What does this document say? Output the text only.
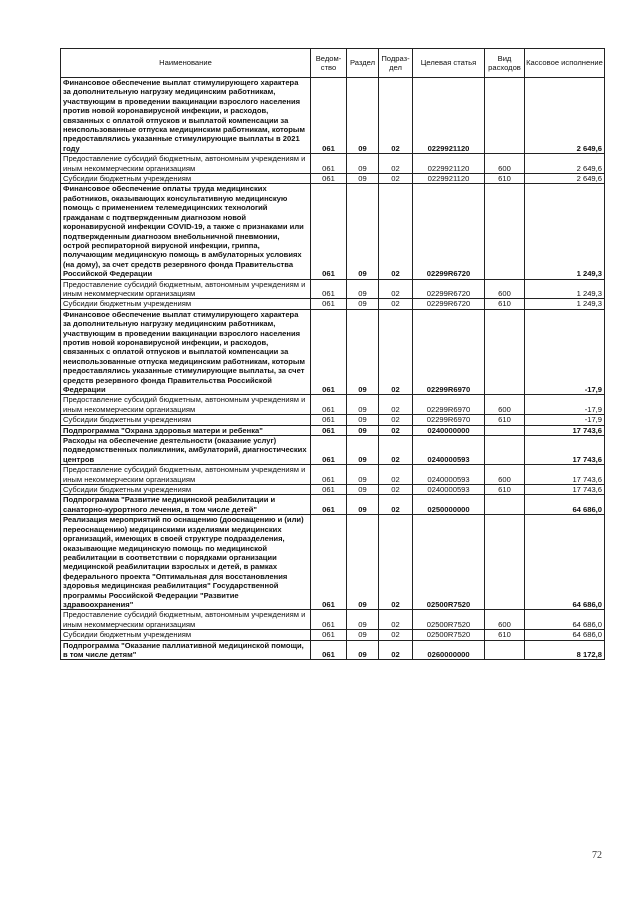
Наименование	Ведом-ство	Раздел	Подраз-дел	Целевая статья	Вид расходов	Кассовое исполнение
Финансовое обеспечение выплат стимулирующего характера за дополнительную нагрузку медицинским работникам, участвующим в проведении вакцинации взрослого населения против новой коронавирусной инфекции, и расходов, связанных с оплатой отпусков и выплатой компенсации за неиспользованные отпуска медицинским работникам, которым предоставлялись указанные стимулирующие выплаты в 2021 году	061	09	02	0229921120		2 649,6
Предоставление субсидий бюджетным, автономным учреждениям и иным некоммерческим организациям	061	09	02	0229921120	600	2 649,6
Субсидии бюджетным учреждениям	061	09	02	0229921120	610	2 649,6
Финансовое обеспечение оплаты труда медицинских работников, оказывающих консультативную медицинскую помощь с применением телемедицинских технологий гражданам с подтвержденным диагнозом новой коронавирусной инфекции COVID-19, а также с признаками или подтвержденным диагнозом внебольничной пневмонии, острой респираторной вирусной инфекции, гриппа, получающим медицинскую помощь в амбулаторных условиях (на дому), за счет средств резервного фонда Правительства Российской Федерации	061	09	02	02299R6720		1 249,3
Предоставление субсидий бюджетным, автономным учреждениям и иным некоммерческим организациям	061	09	02	02299R6720	600	1 249,3
Субсидии бюджетным учреждениям	061	09	02	02299R6720	610	1 249,3
Финансовое обеспечение выплат стимулирующего характера за дополнительную нагрузку медицинским работникам, участвующим в проведении вакцинации взрослого населения против новой коронавирусной инфекции, и расходов, связанных с оплатой отпусков и выплатой компенсации за неиспользованные отпуска медицинским работникам, которым предоставлялись указанные стимулирующие выплаты, за счет средств резервного фонда Правительства Российской Федерации	061	09	02	02299R6970		-17,9
Предоставление субсидий бюджетным, автономным учреждениям и иным некоммерческим организациям	061	09	02	02299R6970	600	-17,9
Субсидии бюджетным учреждениям	061	09	02	02299R6970	610	-17,9
Подпрограмма "Охрана здоровья матери и ребенка"	061	09	02	0240000000		17 743,6
Расходы на обеспечение деятельности (оказание услуг) подведомственных поликлиник, амбулаторий, диагностических центров	061	09	02	0240000593		17 743,6
Предоставление субсидий бюджетным, автономным учреждениям и иным некоммерческим организациям	061	09	02	0240000593	600	17 743,6
Субсидии бюджетным учреждениям	061	09	02	0240000593	610	17 743,6
Подпрограмма "Развитие медицинской реабилитации и санаторно-курортного лечения, в том числе детей"	061	09	02	0250000000		64 686,0
Реализация мероприятий по оснащению (дооснащению и (или) переоснащению) медицинскими изделиями медицинских организаций, имеющих в своей структуре подразделения, оказывающие медицинскую помощь по медицинской реабилитации в соответствии с порядками организации медицинской реабилитации взрослых и детей, в рамках федерального проекта "Оптимальная для восстановления здоровья медицинская реабилитация" Государственной программы Российской Федерации "Развитие здравоохранения"	061	09	02	02500R7520		64 686,0
Предоставление субсидий бюджетным, автономным учреждениям и иным некоммерческим организациям	061	09	02	02500R7520	600	64 686,0
Субсидии бюджетным учреждениям	061	09	02	02500R7520	610	64 686,0
Подпрограмма "Оказание паллиативной медицинской помощи, в том числе детям"	061	09	02	0260000000		8 172,8
72
